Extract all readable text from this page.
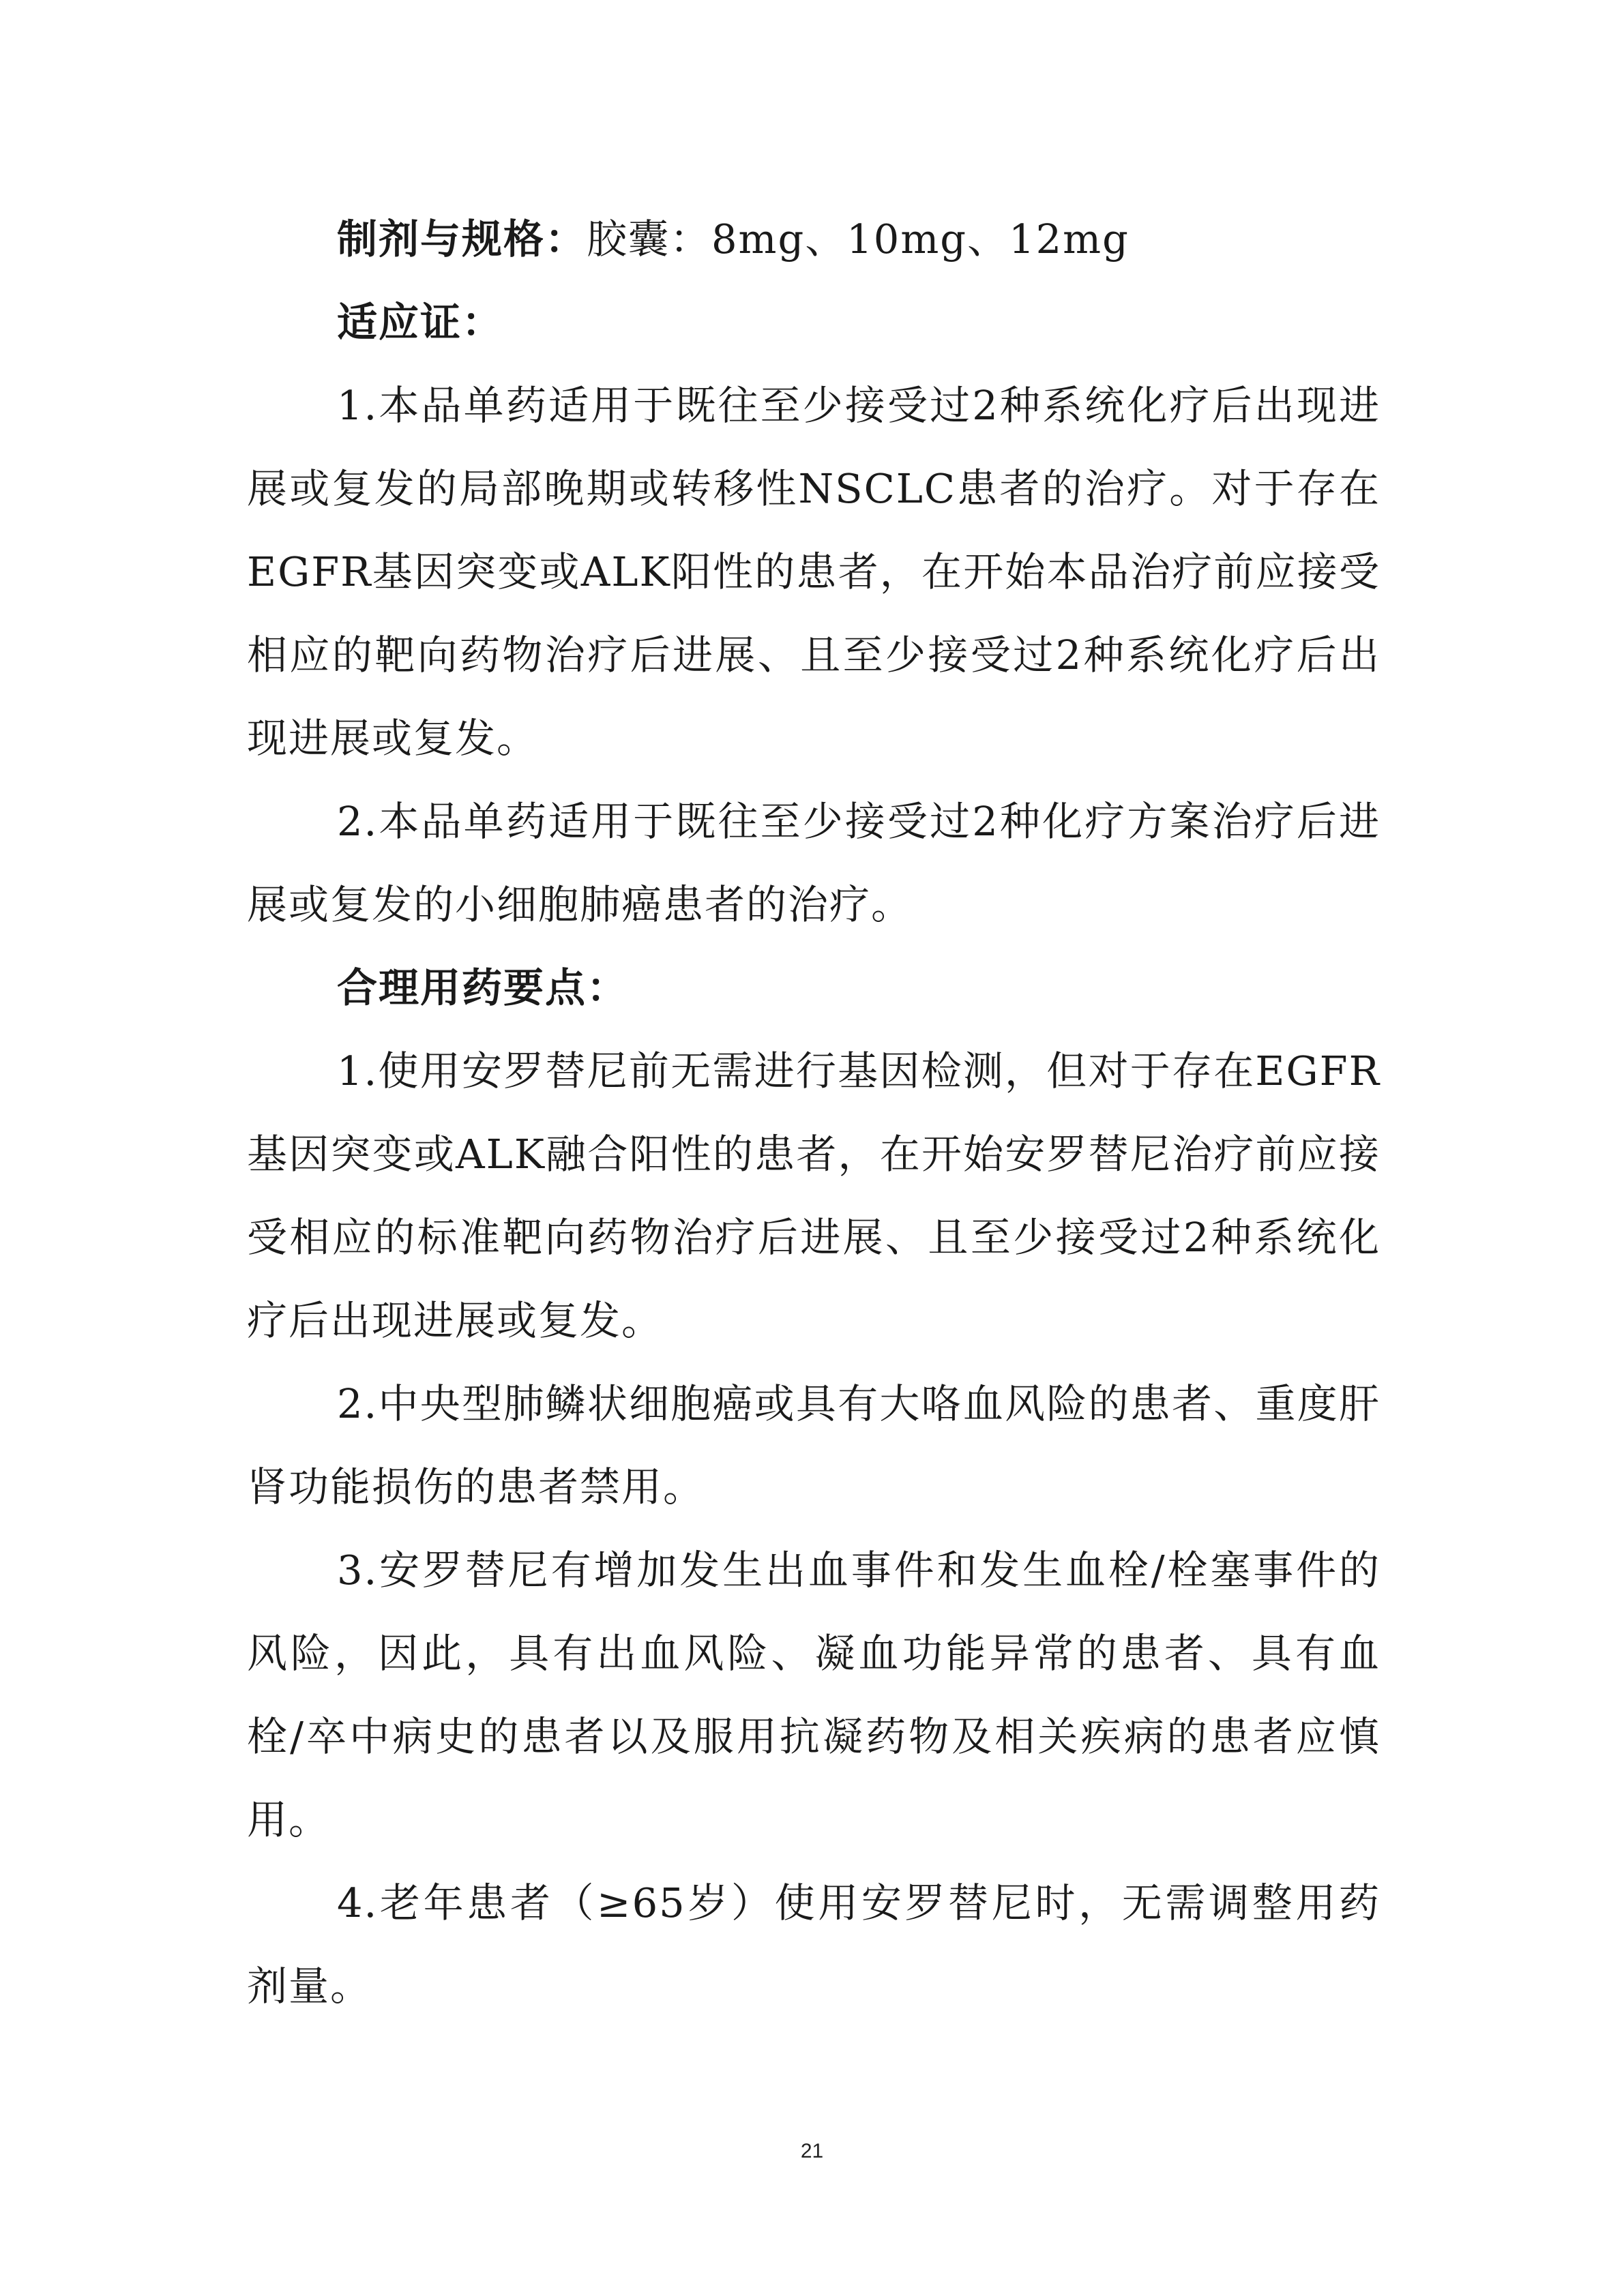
制剂与规格：胶囊：8mg、10mg、12mg

适应证：

1.本品单药适用于既往至少接受过2种系统化疗后出现进展或复发的局部晚期或转移性NSCLC患者的治疗。对于存在EGFR基因突变或ALK阳性的患者，在开始本品治疗前应接受相应的靶向药物治疗后进展、且至少接受过2种系统化疗后出现进展或复发。

2.本品单药适用于既往至少接受过2种化疗方案治疗后进展或复发的小细胞肺癌患者的治疗。

合理用药要点：

1.使用安罗替尼前无需进行基因检测，但对于存在EGFR基因突变或ALK融合阳性的患者，在开始安罗替尼治疗前应接受相应的标准靶向药物治疗后进展、且至少接受过2种系统化疗后出现进展或复发。

2.中央型肺鳞状细胞癌或具有大咯血风险的患者、重度肝肾功能损伤的患者禁用。

3.安罗替尼有增加发生出血事件和发生血栓/栓塞事件的风险，因此，具有出血风险、凝血功能异常的患者、具有血栓/卒中病史的患者以及服用抗凝药物及相关疾病的患者应慎用。

4.老年患者（≥65岁）使用安罗替尼时，无需调整用药剂量。

21
